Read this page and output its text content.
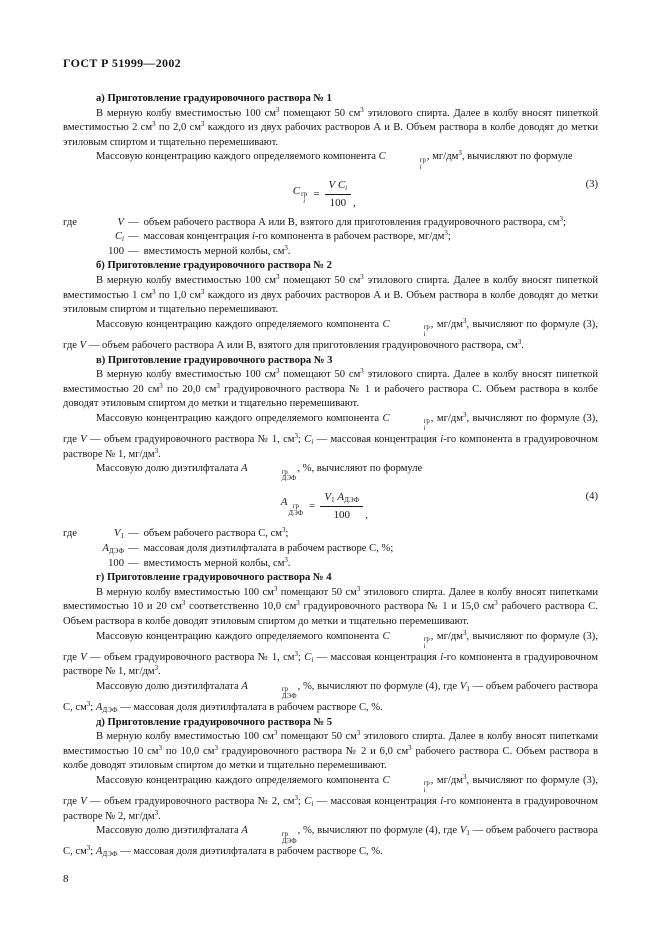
ГОСТ Р 51999—2002

а) Приготовление градуировочного раствора № 1

В мерную колбу вместимостью 100 $см^3$ помещают 50 $см^3$ этилового спирта. Далее в колбу вносят пипеткой вместимостью 2 $см^3$ по 2,0 $см^3$ каждого из двух рабочих растворов А и В. Объем раствора в колбе доводят до метки этиловым спиртом и тщательно перемешивают.

Массовую концентрацию каждого определяемого компонента C	гр
i
, $мг/дм^3$, вычисляют по формуле

C гр
i
= $\frac{V C_i}{100}$ ,
(3)
где	V — объем рабочего раствора А или В, взятого для приготовления градуировочного раствора, $см^3$;
$C_i$ — массовая концентрация i-го компонента в рабочем растворе, $мг/дм^3$;
100 — вместимость мерной колбы, $см^3$.

б) Приготовление градуировочного раствора № 2

В мерную колбу вместимостью 100 $см^3$ помещают 50 $см^3$ этилового спирта. Далее в колбу вносят пипеткой вместимостью 1 $см^3$ по 1,0 $см^3$ каждого из двух рабочих растворов А и В. Объем раствора в колбе доводят до метки этиловым спиртом и тщательно перемешивают.

Массовую концентрацию каждого определяемого компонента C	гр
i
, $мг/дм^3$, вычисляют по формуле (3), где V — объем рабочего раствора А или В, взятого для приготовления градуировочного раствора, $см^3$.

в) Приготовление градуировочного раствора № 3

В мерную колбу вместимостью 100 $см^3$ помещают 50 $см^3$ этилового спирта. Далее в колбу вносят пипеткой вместимостью 20 $см^3$ по 20,0 $см^3$ градуировочного раствора № 1 и рабочего раствора С. Объем раствора в колбе доводят этиловым спиртом до метки и тщательно перемешивают.

Массовую концентрацию каждого определяемого компонента C	гр
i
, $мг/дм^3$, вычисляют по формуле (3), где V — объем градуировочного раствора № 1, $см^3$; $C_i$ — массовая концентрация i-го компонента в градуировочном растворе № 1, $мг/дм^3$.

Массовую долю диэтилфталата A	гр
ДЭФ
, %, вычисляют по формуле

A гр
ДЭФ
= $\frac{V_1 A_{ДЭФ}}{100}$ ,
(4)
где	$V_1$ — объем рабочего раствора С, $см^3$;
$A_{ДЭФ}$ — массовая доля диэтилфталата в рабочем растворе С, %;
100 — вместимость мерной колбы, $см^3$.

г) Приготовление градуировочного раствора № 4

В мерную колбу вместимостью 100 $см^3$ помещают 50 $см^3$ этилового спирта. Далее в колбу вносят пипетками вместимостью 10 и 20 $см^3$ соответственно 10,0 $см^3$ градуировочного раствора № 1 и 15,0 $см^3$ рабочего раствора С. Объем раствора в колбе доводят этиловым спиртом до метки и тщательно перемешивают.

Массовую концентрацию каждого определяемого компонента C	гр
i
, $мг/дм^3$, вычисляют по формуле (3), где V — объем градуировочного раствора № 1, $см^3$; $C_i$ — массовая концентрация i-го компонента в градуировочном растворе № 1, $мг/дм^3$.

Массовую долю диэтилфталата A	гр
ДЭФ
, %, вычисляют по формуле (4), где $V_1$ — объем рабочего раствора С, $см^3$; $A_{ДЭФ}$ — массовая доля диэтилфталата в рабочем растворе С, %.

д) Приготовление градуировочного раствора № 5

В мерную колбу вместимостью 100 $см^3$ помещают 50 $см^3$ этилового спирта. Далее в колбу вносят пипетками вместимостью 10 $см^3$ по 10,0 $см^3$ градуировочного раствора № 2 и 6,0 $см^3$ рабочего раствора С. Объем раствора в колбе доводят этиловым спиртом до метки и тщательно перемешивают.

Массовую концентрацию каждого определяемого компонента C	гр
i
, $мг/дм^3$, вычисляют по формуле (3), где V — объем градуировочного раствора № 2, $см^3$; $C_i$ — массовая концентрация i-го компонента в градуировочном растворе № 2, $мг/дм^3$.

Массовую долю диэтилфталата A	гр
ДЭФ
, %, вычисляют по формуле (4), где $V_1$ — объем рабочего раствора С, $см^3$; $A_{ДЭФ}$ — массовая доля диэтилфталата в рабочем растворе С, %.

8
